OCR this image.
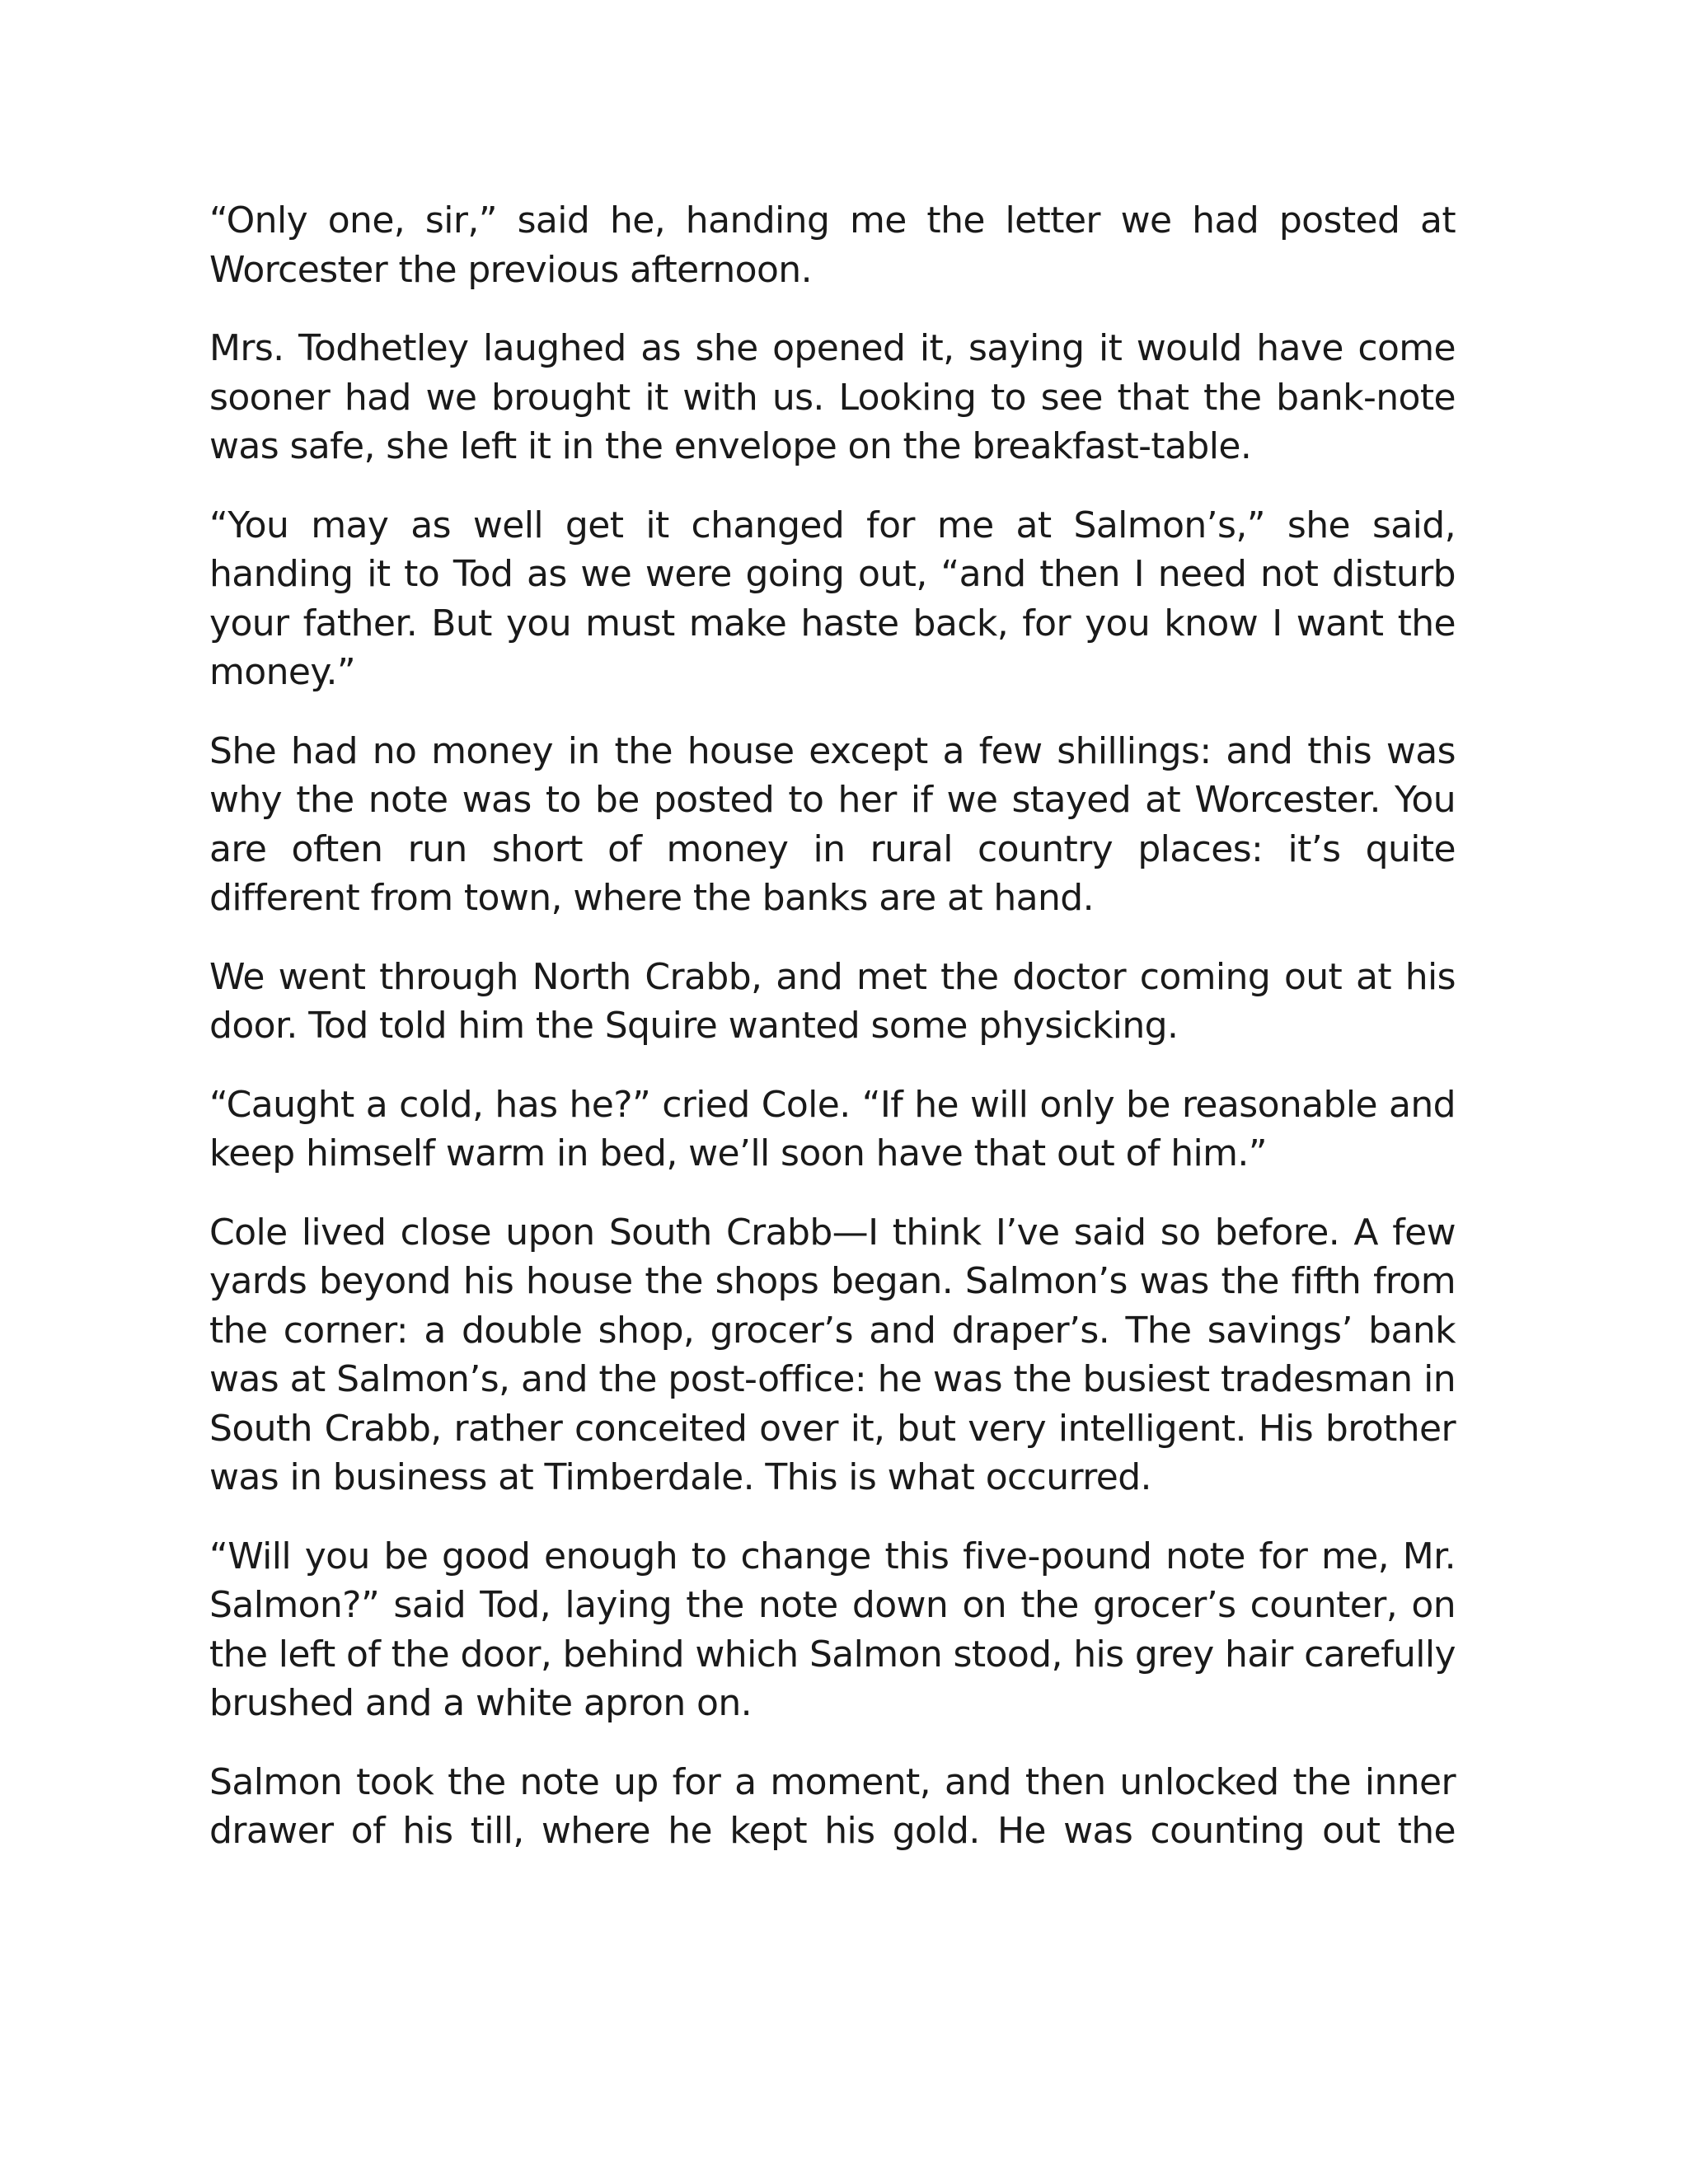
“Only one, sir,” said he, handing me the letter we had posted at Worcester the previous afternoon.

Mrs. Todhetley laughed as she opened it, saying it would have come sooner had we brought it with us. Looking to see that the bank-note was safe, she left it in the envelope on the breakfast-table.

“You may as well get it changed for me at Salmon’s,” she said, handing it to Tod as we were going out, “and then I need not disturb your father. But you must make haste back, for you know I want the money.”

She had no money in the house except a few shillings: and this was why the note was to be posted to her if we stayed at Worcester. You are often run short of money in rural country places: it’s quite different from town, where the banks are at hand.

We went through North Crabb, and met the doctor coming out at his door. Tod told him the Squire wanted some physicking.

“Caught a cold, has he?” cried Cole. “If he will only be reasonable and keep himself warm in bed, we’ll soon have that out of him.”

Cole lived close upon South Crabb—I think I’ve said so before. A few yards beyond his house the shops began. Salmon’s was the fifth from the corner: a double shop, grocer’s and draper’s. The savings’ bank was at Salmon’s, and the post-office: he was the busiest tradesman in South Crabb, rather conceited over it, but very intelligent. His brother was in business at Timberdale. This is what occurred.

“Will you be good enough to change this five-pound note for me, Mr. Salmon?” said Tod, laying the note down on the grocer’s counter, on the left of the door, behind which Salmon stood, his grey hair carefully brushed and a white apron on.

Salmon took the note up for a moment, and then unlocked the inner drawer of his till, where he kept his gold. He was counting out the
